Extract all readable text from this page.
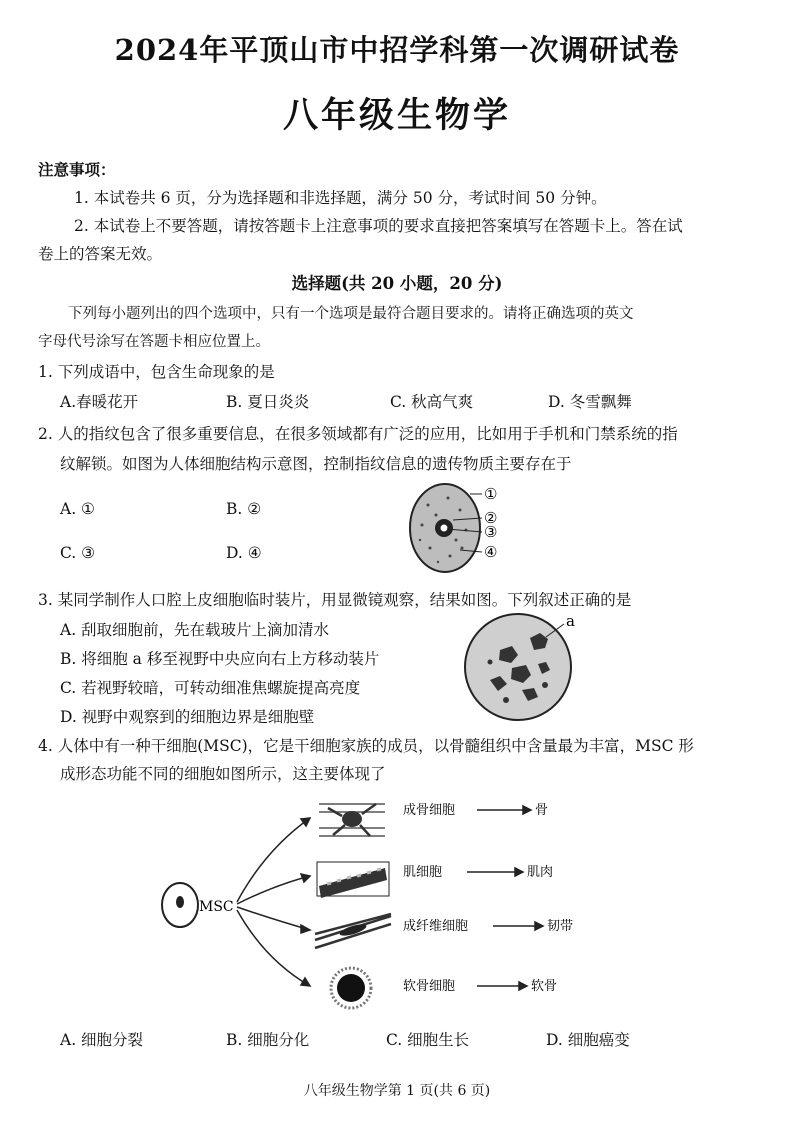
2024年平顶山市中招学科第一次调研试卷
八年级生物学
注意事项：
1. 本试卷共 6 页，分为选择题和非选择题，满分 50 分，考试时间 50 分钟。
2. 本试卷上不要答题，请按答题卡上注意事项的要求直接把答案填写在答题卡上。答在试
卷上的答案无效。
选择题(共 20 小题，20 分)
下列每小题列出的四个选项中，只有一个选项是最符合题目要求的。请将正确选项的英文
字母代号涂写在答题卡相应位置上。
1. 下列成语中，包含生命现象的是
A.春暖花开	B. 夏日炎炎	C. 秋高气爽	D. 冬雪飘舞
2. 人的指纹包含了很多重要信息，在很多领域都有广泛的应用，比如用于手机和门禁系统的指
纹解锁。如图为人体细胞结构示意图，控制指纹信息的遗传物质主要存在于
A. ①	B. ②
C. ③	D. ④
①
②
③
④
3. 某同学制作人口腔上皮细胞临时装片，用显微镜观察，结果如图。下列叙述正确的是
A. 刮取细胞前，先在载玻片上滴加清水
B. 将细胞 a 移至视野中央应向右上方移动装片
C. 若视野较暗，可转动细准焦螺旋提高亮度
D. 视野中观察到的细胞边界是细胞壁
a
4. 人体中有一种干细胞(MSC)，它是干细胞家族的成员，以骨髓组织中含量最为丰富，MSC 形
成形态功能不同的细胞如图所示，这主要体现了
MSC
成骨细胞
肌细胞
成纤维细胞
软骨细胞
骨
肌肉
韧带
软骨
A. 细胞分裂	B. 细胞分化	C. 细胞生长	D. 细胞癌变
八年级生物学第 1 页(共 6 页)
